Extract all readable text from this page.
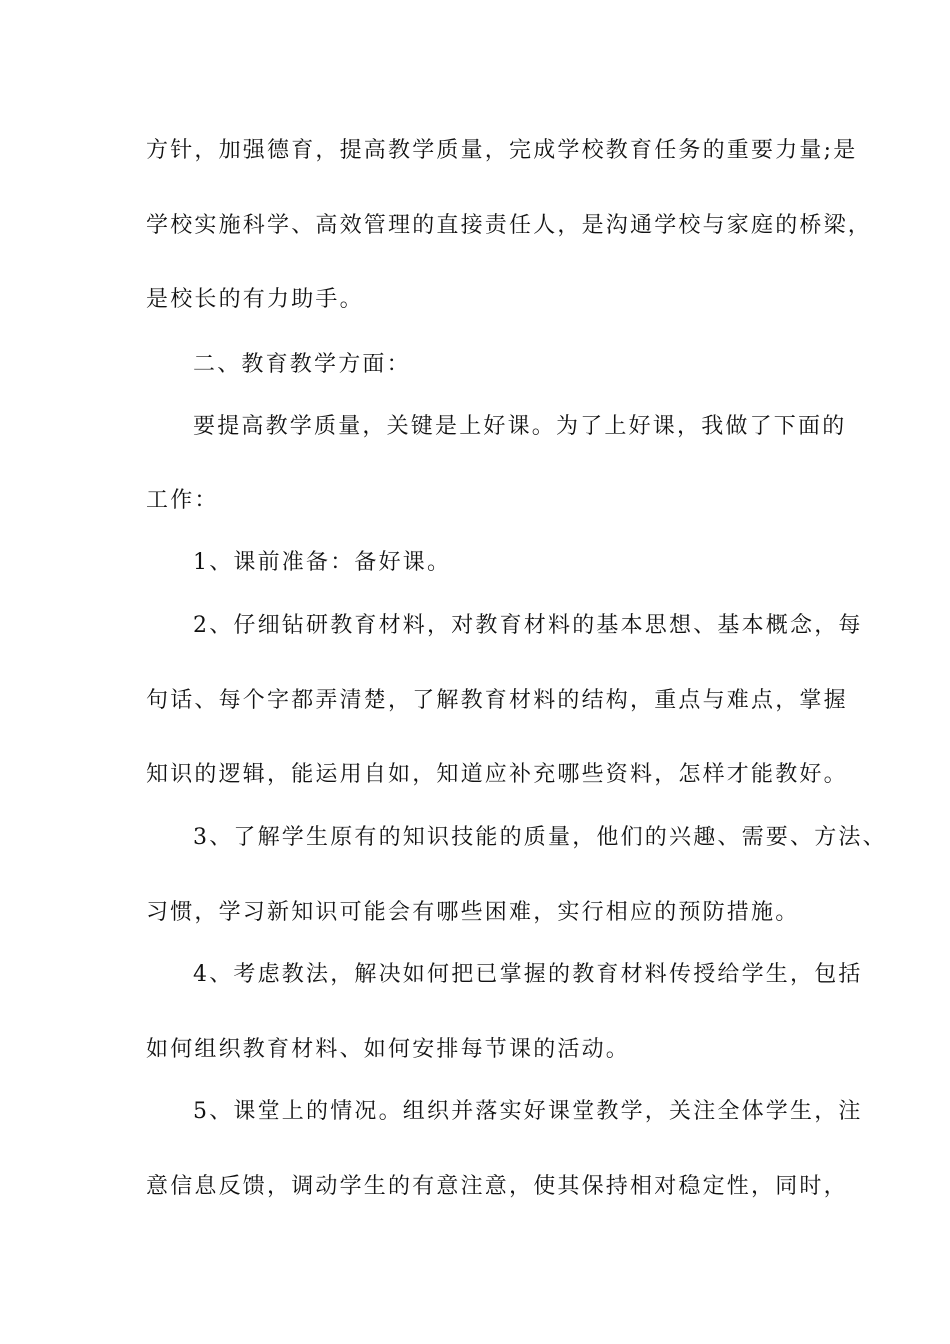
方针，加强德育，提高教学质量，完成学校教育任务的重要力量;是
学校实施科学、高效管理的直接责任人，是沟通学校与家庭的桥梁，
是校长的有力助手。
二、教育教学方面：
要提高教学质量，关键是上好课。为了上好课，我做了下面的
工作：
1、课前准备：备好课。
2、仔细钻研教育材料，对教育材料的基本思想、基本概念，每
句话、每个字都弄清楚，了解教育材料的结构，重点与难点，掌握
知识的逻辑，能运用自如，知道应补充哪些资料，怎样才能教好。
3、了解学生原有的知识技能的质量，他们的兴趣、需要、方法、
习惯，学习新知识可能会有哪些困难，实行相应的预防措施。
4、考虑教法，解决如何把已掌握的教育材料传授给学生，包括
如何组织教育材料、如何安排每节课的活动。
5、课堂上的情况。组织并落实好课堂教学，关注全体学生，注
意信息反馈，调动学生的有意注意，使其保持相对稳定性，同时，
